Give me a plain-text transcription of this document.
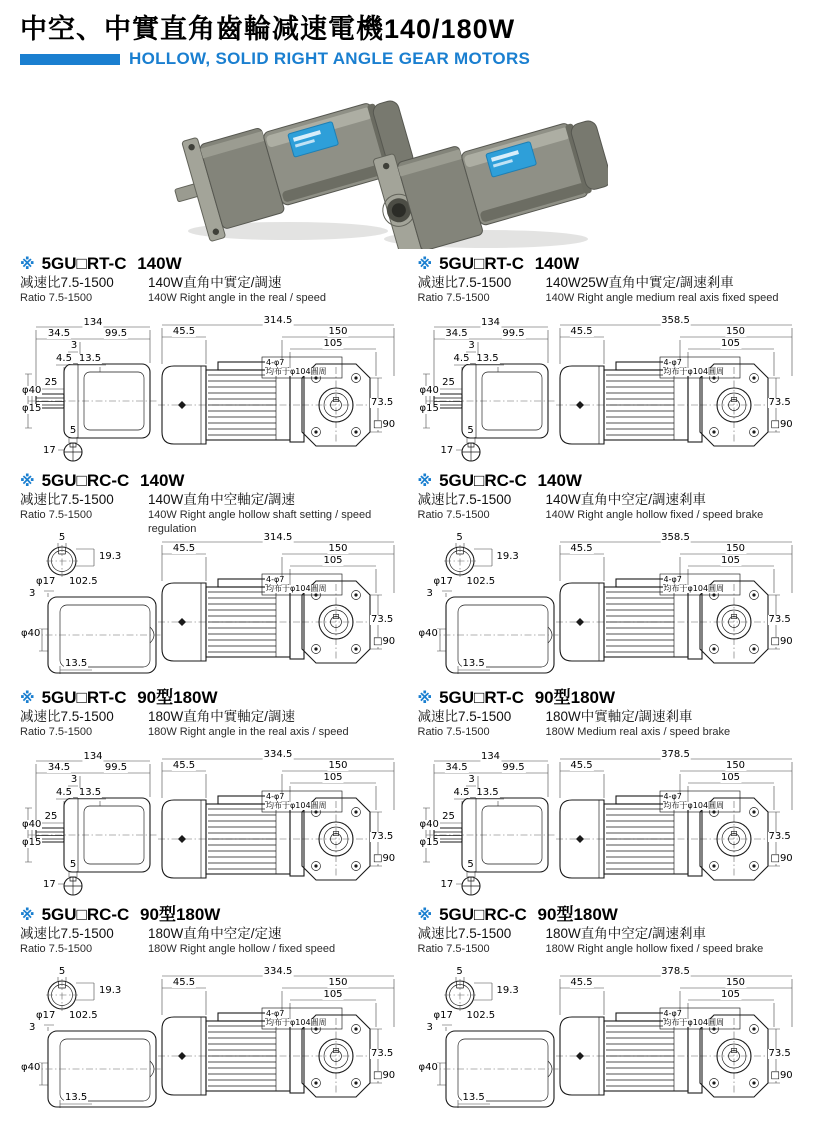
中空、中實直角齒輪减速電機140/180W
HOLLOW, SOLID RIGHT ANGLE GEAR MOTORS
※ 5GU□RT-C 140W
减速比7.5-1500	140W直角中實定/調速
Ratio 7.5-1500	140W Right angle in the real / speed
314.5
134
34.5	99.5
3
4.5 13.5
φ40
25
φ15
5
17
45.5	150
105
4-φ7
均布于φ104圓周
73.5
□90
※ 5GU□RT-C 140W
减速比7.5-1500	140W25W直角中實定/調速剎車
Ratio 7.5-1500	140W Right angle medium real axis fixed speed
358.5
134
34.5	99.5
3
4.5 13.5
φ40
25
φ15
5
17
45.5	150
105
4-φ7
均布于φ104圓周
73.5
□90
※ 5GU□RC-C 140W
减速比7.5-1500	140W直角中空軸定/調速
Ratio 7.5-1500	140W Right angle hollow shaft setting / speed regulation
314.5
5
19.3
φ17 102.5
3
φ40
13.5
45.5	150
105
4-φ7
均布于φ104圓周
73.5
□90
※ 5GU□RC-C 140W
减速比7.5-1500	140W直角中空定/調速剎車
Ratio 7.5-1500	140W Right angle hollow fixed / speed brake
358.5
5
19.3
φ17 102.5
3
φ40
13.5
45.5	150
105
4-φ7
均布于φ104圓周
73.5
□90
※ 5GU□RT-C 90型180W
减速比7.5-1500	180W直角中實軸定/調速
Ratio 7.5-1500	180W Right angle in the real axis / speed
334.5
134
34.5	99.5
3
4.5 13.5
φ40
25
φ15
5
17
45.5	150
105
4-φ7
均布于φ104圓周
73.5
□90
※ 5GU□RT-C 90型180W
减速比7.5-1500	180W中實軸定/調速剎車
Ratio 7.5-1500	180W Medium real axis / speed brake
378.5
134
34.5	99.5
3
4.5 13.5
φ40
25
φ15
5
17
45.5	150
105
4-φ7
均布于φ104圓周
73.5
□90
※ 5GU□RC-C 90型180W
减速比7.5-1500	180W直角中空定/定速
Ratio 7.5-1500	180W Right angle hollow / fixed speed
334.5
5
19.3
φ17 102.5
3
φ40
13.5
45.5	150
105
4-φ7
均布于φ104圓周
73.5
□90
※ 5GU□RC-C 90型180W
减速比7.5-1500	180W直角中空定/調速剎車
Ratio 7.5-1500	180W Right angle hollow fixed / speed brake
378.5
5
19.3
φ17 102.5
3
φ40
13.5
45.5	150
105
4-φ7
均布于φ104圓周
73.5
□90
